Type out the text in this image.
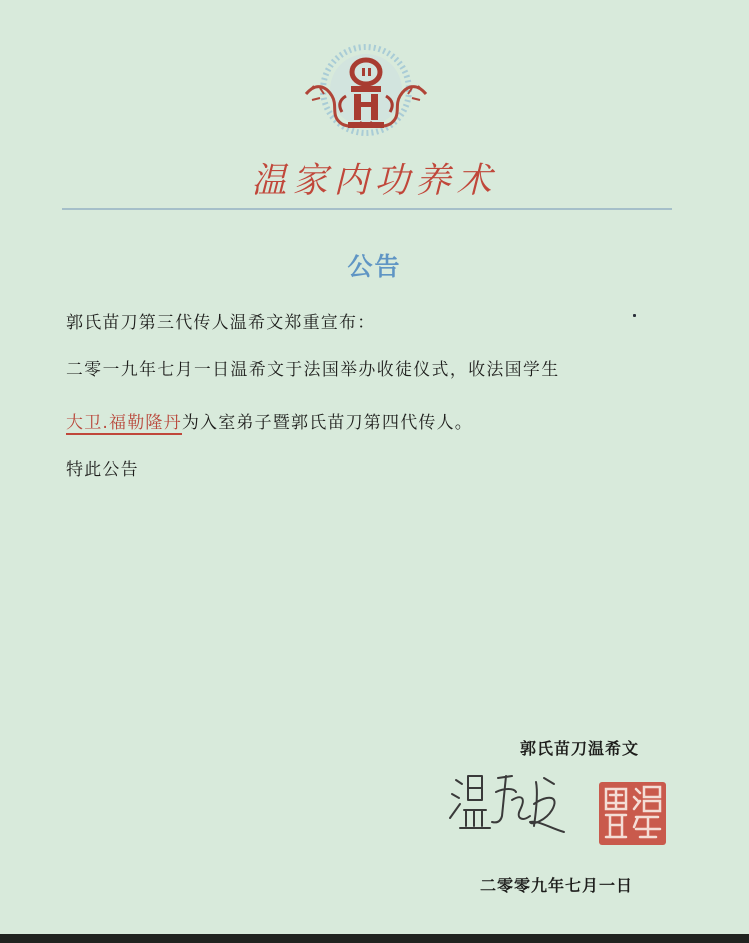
温家内功养术
公告
郭氏苗刀第三代传人温希文郑重宣布：
二零一九年七月一日温希文于法国举办收徒仪式，收法国学生
大卫.福勒隆丹为入室弟子暨郭氏苗刀第四代传人。
特此公告
郭氏苗刀温希文
二零零九年七月一日
